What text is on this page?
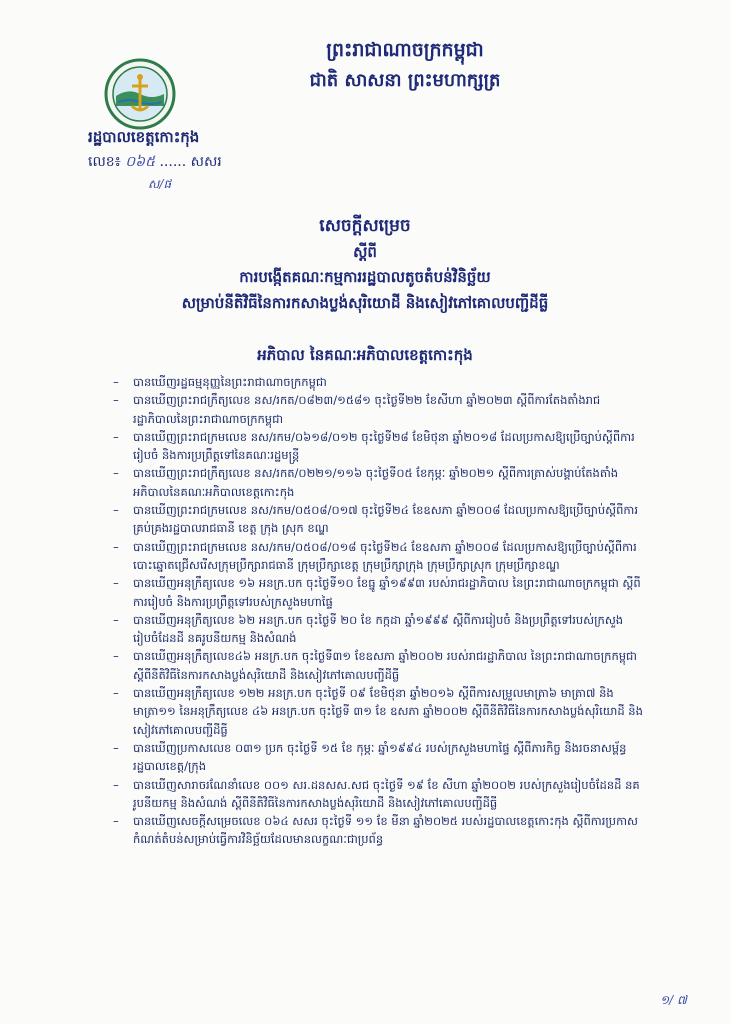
ព្រះរាជាណាចក្រកម្ពុជា
ជាតិ សាសនា ព្រះមហាក្សត្រ
រដ្ឋបាលខេត្តកោះកុង
លេខ៖ ០៦៥ ...... សសរ
ស/ផ
សេចក្ដីសម្រេច
ស្ដីពី
ការបង្កើតគណៈកម្មការរដ្ឋបាលតូចតំបន់វិនិច្ឆ័យ
សម្រាប់នីតិវិធីនៃការកសាងប្លង់សុរិយោដី និងសៀវភៅគោលបញ្ជីដីធ្លី
អភិបាល នៃគណៈអភិបាលខេត្តកោះកុង
– បានឃើញរដ្ឋធម្មនុញ្ញនៃព្រះរាជាណាចក្រកម្ពុជា
– បានឃើញព្រះរាជក្រឹត្យលេខ នស/រកត/០៨២៣/១៥៨១ ចុះថ្ងៃទី២២ ខែសីហា ឆ្នាំ២០២៣ ស្ដីពីការតែងតាំងរាជរដ្ឋាភិបាលនៃព្រះរាជាណាចក្រកម្ពុជា
– បានឃើញព្រះរាជក្រមលេខ នស/រកម/០៦១៨/០១២ ចុះថ្ងៃទី២៨ ខែមិថុនា ឆ្នាំ២០១៨ ដែលប្រកាសឱ្យប្រើច្បាប់ស្ដីពីការរៀបចំ និងការប្រព្រឹត្តទៅនៃគណៈរដ្ឋមន្ត្រី
– បានឃើញព្រះរាជក្រឹត្យលេខ នស/រកត/០២២១/១១៦ ចុះថ្ងៃទី០៥ ខែកុម្ភៈ ឆ្នាំ២០២១ ស្ដីពីការត្រាស់បង្គាប់តែងតាំងអភិបាលនៃគណៈអភិបាលខេត្តកោះកុង
– បានឃើញព្រះរាជក្រមលេខ នស/រកម/០៥០៨/០១៧ ចុះថ្ងៃទី២៤ ខែឧសភា ឆ្នាំ២០០៨ ដែលប្រកាសឱ្យប្រើច្បាប់ស្ដីពីការគ្រប់គ្រងរដ្ឋបាលរាជធានី ខេត្ត ក្រុង ស្រុក ខណ្ឌ
– បានឃើញព្រះរាជក្រមលេខ នស/រកម/០៥០៨/០១៨ ចុះថ្ងៃទី២៤ ខែឧសភា ឆ្នាំ២០០៨ ដែលប្រកាសឱ្យប្រើច្បាប់ស្ដីពីការបោះឆ្នោតជ្រើសរើសក្រុមប្រឹក្សារាជធានី ក្រុមប្រឹក្សាខេត្ត ក្រុមប្រឹក្សាក្រុង ក្រុមប្រឹក្សាស្រុក ក្រុមប្រឹក្សាខណ្ឌ
– បានឃើញអនុក្រឹត្យលេខ ១៦ អនក្រ.បក ចុះថ្ងៃទី១០ ខែធ្នូ ឆ្នាំ១៩៩៣ របស់រាជរដ្ឋាភិបាល នៃព្រះរាជាណាចក្រកម្ពុជា ស្ដីពីការរៀបចំ និងការប្រព្រឹត្តទៅរបស់ក្រសួងមហាផ្ទៃ
– បានឃើញអនុក្រឹត្យលេខ ៦២ អនក្រ.បក ចុះថ្ងៃទី ២០ ខែ កក្កដា ឆ្នាំ១៩៩៩ ស្ដីពីការរៀបចំ និងប្រព្រឹត្តទៅរបស់ក្រសួងរៀបចំដែនដី នគរូបនីយកម្ម និងសំណង់
– បានឃើញអនុក្រឹត្យលេខ៤៦ អនក្រ.បក ចុះថ្ងៃទី៣១ ខែឧសភា ឆ្នាំ២០០២ របស់រាជរដ្ឋាភិបាល នៃព្រះរាជាណាចក្រកម្ពុជា ស្ដីពីនីតិវិធីនៃការកសាងប្លង់សុរិយោដី និងសៀវភៅគោលបញ្ជីដីធ្លី
– បានឃើញអនុក្រឹត្យលេខ ១២២ អនក្រ.បក ចុះថ្ងៃទី ០៩ ខែមិថុនា ឆ្នាំ២០១៦ ស្ដីពីការសម្រួលមាត្រា៦ មាត្រា៧ និងមាត្រា១១ នៃអនុក្រឹត្យលេខ ៤៦ អនក្រ.បក ចុះថ្ងៃទី ៣១ ខែ ឧសភា ឆ្នាំ២០០២ ស្ដីពីនីតិវិធីនៃការកសាងប្លង់សុរិយោដី និងសៀវភៅគោលបញ្ជីដីធ្លី
– បានឃើញប្រកាសលេខ ០៣១ ប្រក ចុះថ្ងៃទី ១៥ ខែ កុម្ភៈ ឆ្នាំ១៩៩៤ របស់ក្រសួងមហាផ្ទៃ ស្ដីពីភារកិច្ច និងរចនាសម្ព័ន្ធរដ្ឋបាលខេត្ត/ក្រុង
– បានឃើញសារាចរណែនាំលេខ ០០១ សរ.ដនសស.សជ ចុះថ្ងៃទី ១៩ ខែ សីហា ឆ្នាំ២០០២ របស់ក្រសួងរៀបចំដែនដី នគរូបនីយកម្ម និងសំណង់ ស្ដីពីនីតិវិធីនៃការកសាងប្លង់សុរិយោដី និងសៀវភៅគោលបញ្ជីដីធ្លី
– បានឃើញសេចក្ដីសម្រេចលេខ ០៦៤ សសរ ចុះថ្ងៃទី ១១ ខែ មីនា ឆ្នាំ២០២៥ របស់រដ្ឋបាលខេត្តកោះកុង ស្ដីពីការប្រកាសកំណត់តំបន់សម្រាប់ធ្វើការវិនិច្ឆ័យដែលមានលក្ខណៈជាប្រព័ន្ធ
១/ ៧
